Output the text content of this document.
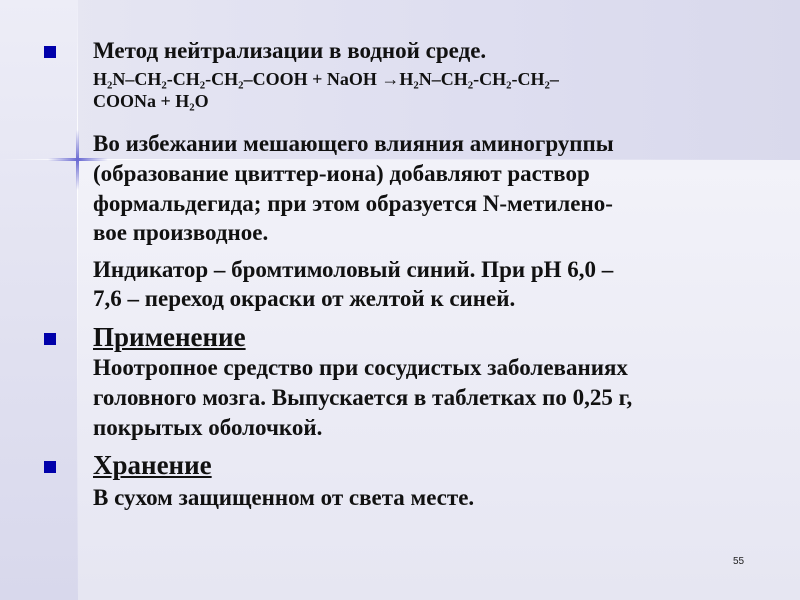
Метод нейтрализации в водной среде.
H₂N–CH₂-CH₂-CH₂–COOH + NaOH →H₂N–CH₂-CH₂-CH₂–
COONa + H₂O
Во избежании мешающего влияния аминогруппы
(образование цвиттер-иона) добавляют раствор
формальдегида; при этом образуется N-метилено-
вое производное.
Индикатор – бромтимоловый синий. При pH 6,0 –
7,6 – переход окраски от желтой к синей.
Применение
Ноотропное средство при сосудистых заболеваниях
головного мозга. Выпускается в таблетках по 0,25 г,
покрытых оболочкой.
Хранение
В сухом защищенном от света месте.
55
